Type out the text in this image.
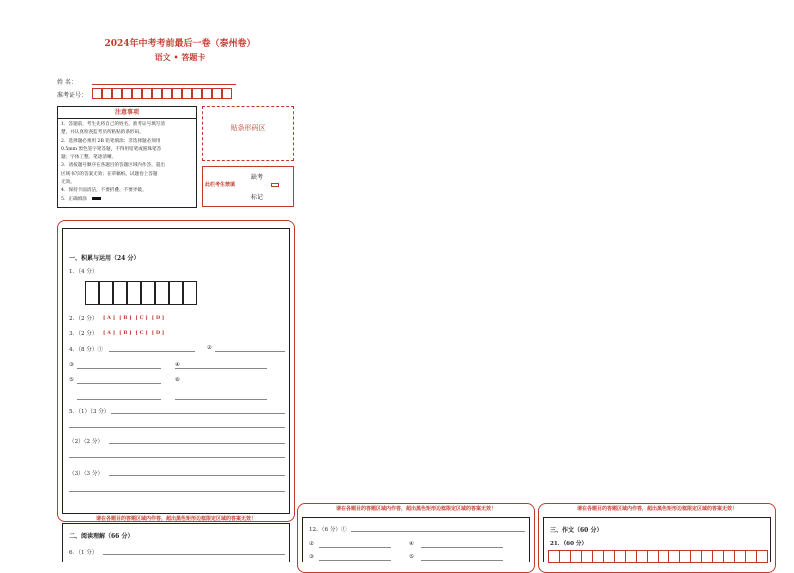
2024年中考考前最后一卷（泰州卷）
语文 • 答题卡
姓 名：
准考证号：
注意事项
1．答题前，考生先将自己的姓名，准考证号填写清
楚，并认真检查监考员所粘贴的条形码。
2．选择题必须用 2B 铅笔填涂；非选择题必须用
0.5mm 黑色签字笔答题，不得用铅笔或圆珠笔答
题；字体工整、笔迹清晰。
3．请按题号顺序在各题目的答题区域内作答，超出
区域书写的答案无效；在草稿纸、试题卷上答题
无效。
4．保持卡面清洁，不要折叠、不要弄破。
5．正确填涂
贴条形码区
此栏考生禁填
缺考
标记
一、积累与运用（24 分）
1．（4 分）
2．（2 分） [ A ] [ B ] [ C ] [ D ]
3．（2 分） [ A ] [ B ] [ C ] [ D ]
4．（8 分）①	②
③	④
⑤	⑥
5．（1）（3 分）
（2）（2 分）
（3）（3 分）
请在各题目的答题区域内作答，超出黑色矩形边框限定区域的答案无效！
二、阅读理解（66 分）
6．（1 分）
请在各题目的答题区域内作答，超出黑色矩形边框限定区域的答案无效！
12．（6 分）①
②	④
③	⑤
请在各题目的答题区域内作答，超出黑色矩形边框限定区域的答案无效！
三、作文（60 分）
21．（60 分）
